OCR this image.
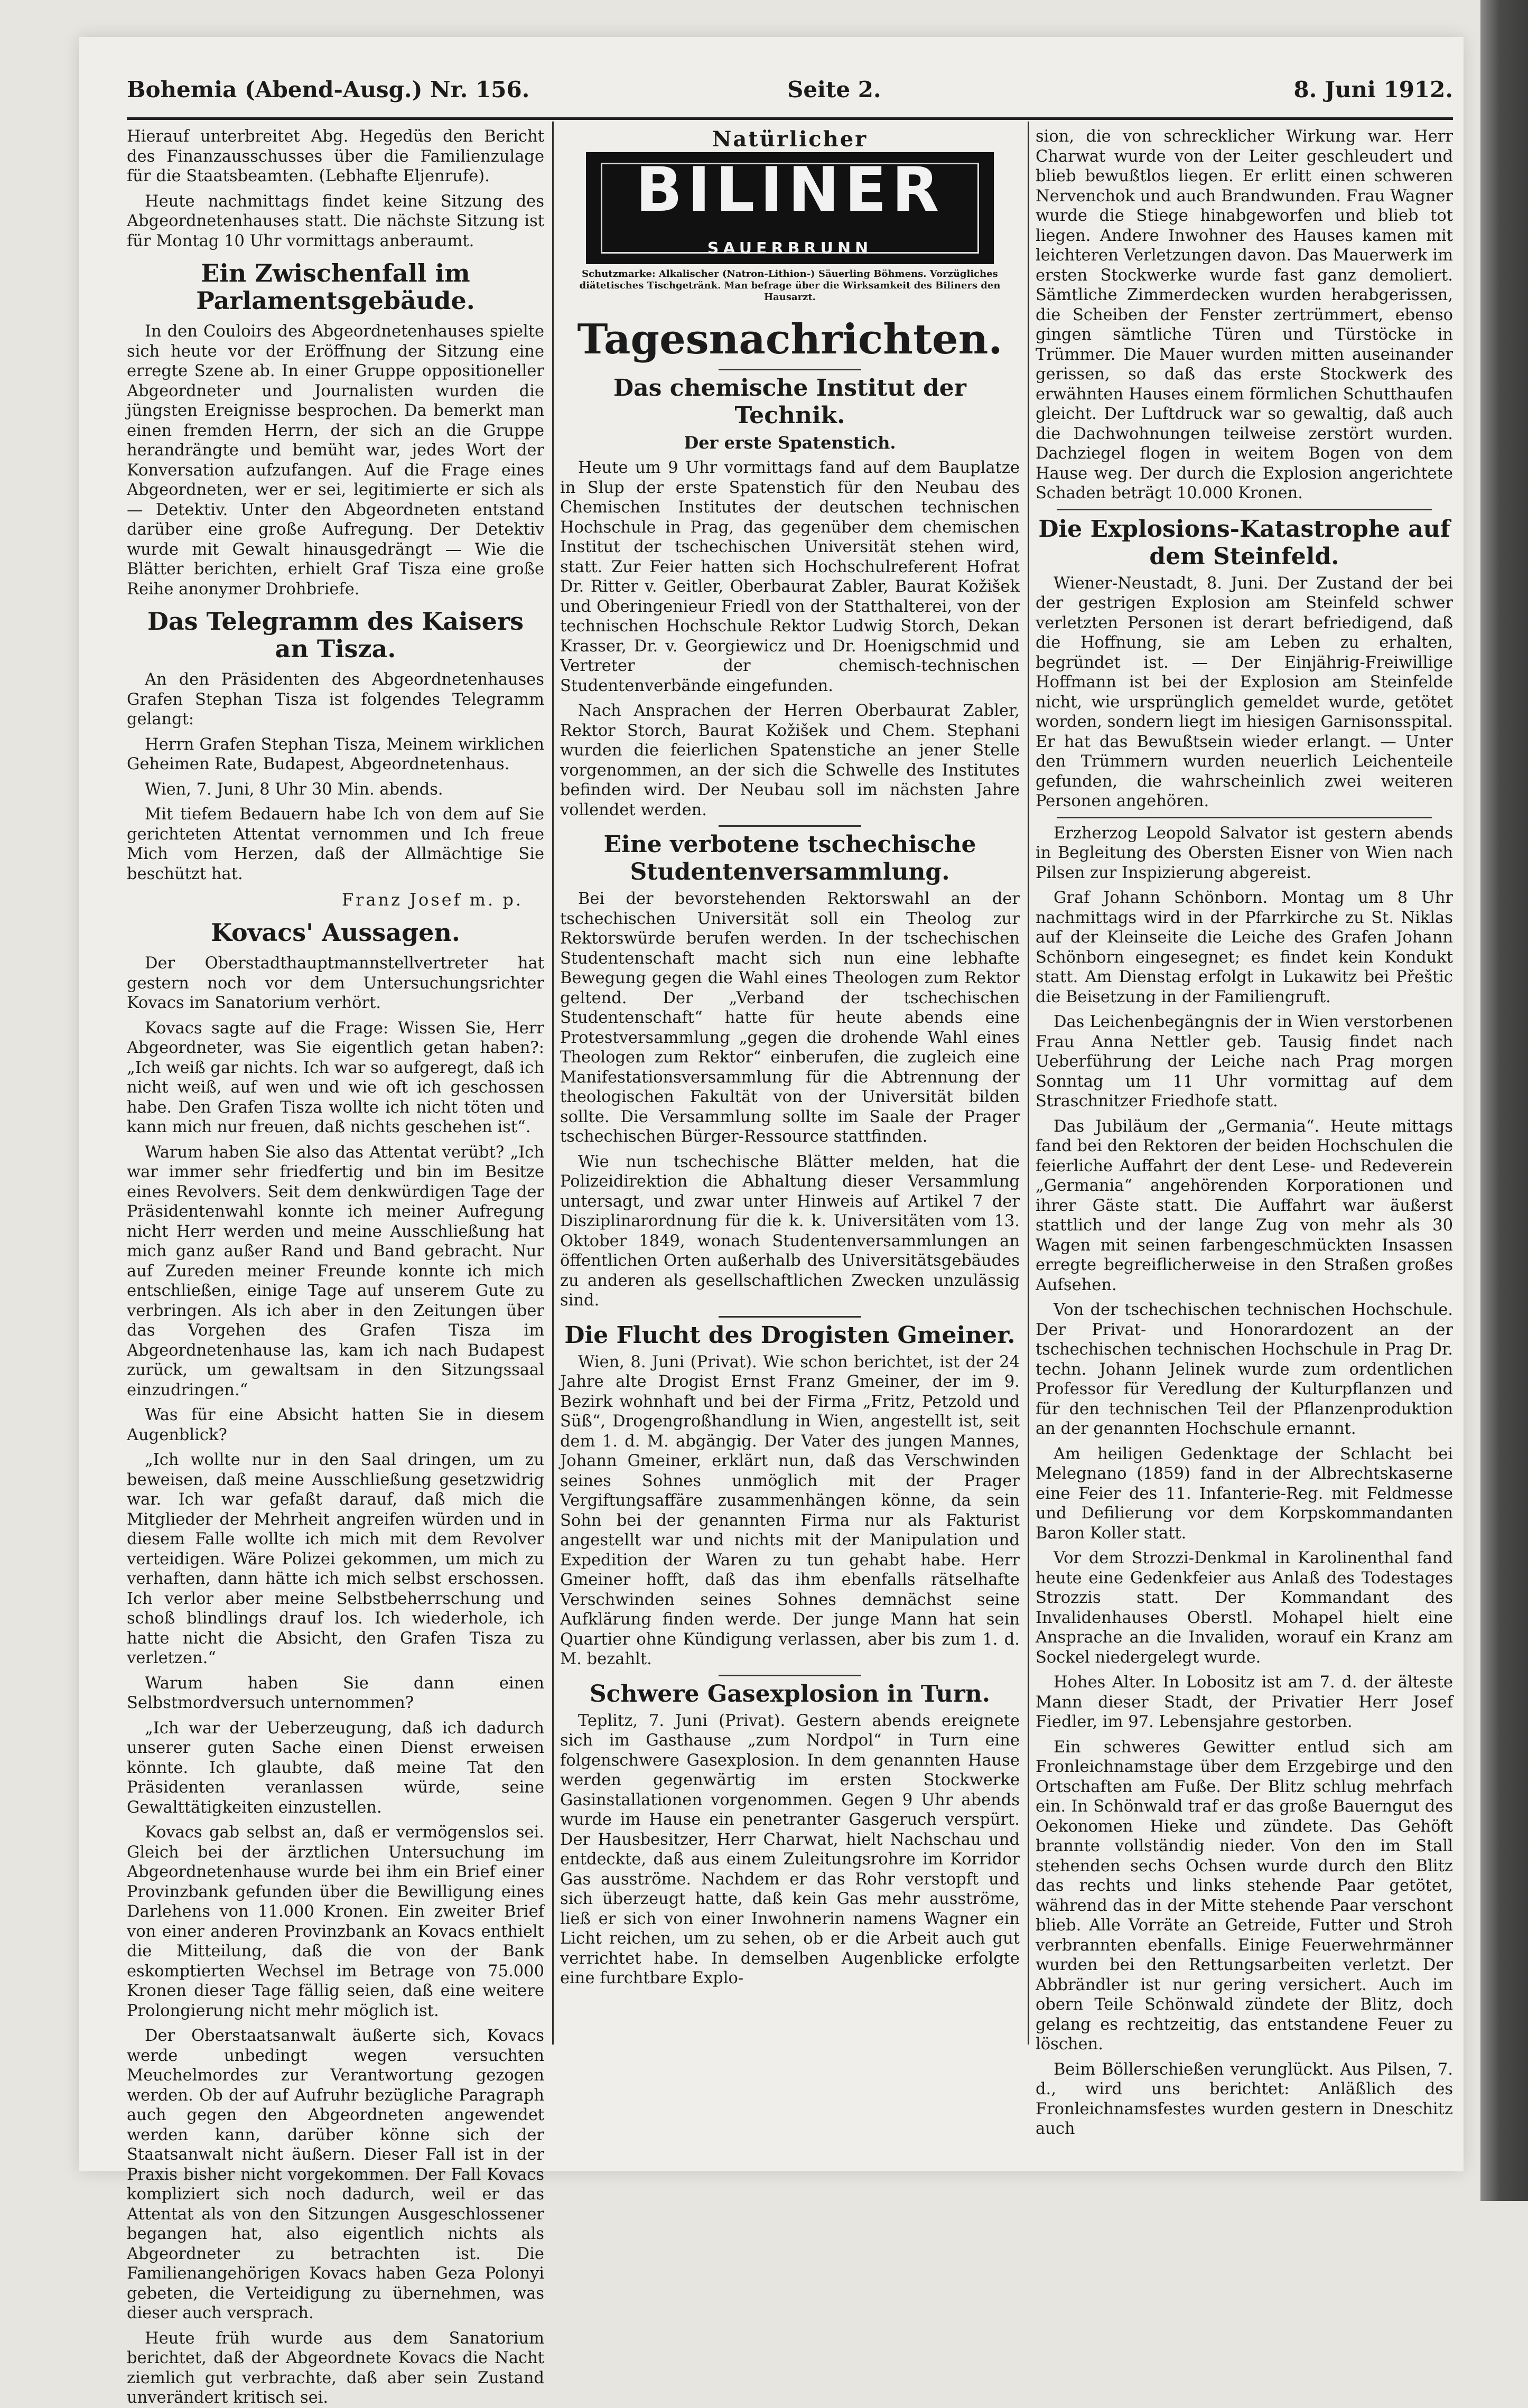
Bohemia (Abend-Ausg.) Nr. 156.	Seite 2.	8. Juni 1912.

Hierauf unterbreitet Abg. Hegedüs den Bericht des Finanzausschusses über die Familienzulage für die Staatsbeamten. (Lebhafte Eljenrufe).

Heute nachmittags findet keine Sitzung des Abgeordnetenhauses statt. Die nächste Sitzung ist für Montag 10 Uhr vormittags anberaumt.

Ein Zwischenfall im Parlamentsgebäude.

In den Couloirs des Abgeordnetenhauses spielte sich heute vor der Eröffnung der Sitzung eine erregte Szene ab. In einer Gruppe oppositioneller Abgeordneter und Journalisten wurden die jüngsten Ereignisse besprochen. Da bemerkt man einen fremden Herrn, der sich an die Gruppe herandrängte und bemüht war, jedes Wort der Konversation aufzufangen. Auf die Frage eines Abgeordneten, wer er sei, legitimierte er sich als — Detektiv. Unter den Abgeordneten entstand darüber eine große Aufregung. Der Detektiv wurde mit Gewalt hinausgedrängt — Wie die Blätter berichten, erhielt Graf Tisza eine große Reihe anonymer Drohbriefe.

Das Telegramm des Kaisers an Tisza.

An den Präsidenten des Abgeordnetenhauses Grafen Stephan Tisza ist folgendes Telegramm gelangt:

Herrn Grafen Stephan Tisza, Meinem wirklichen Geheimen Rate, Budapest, Abgeordnetenhaus.

Wien, 7. Juni, 8 Uhr 30 Min. abends.

Mit tiefem Bedauern habe Ich von dem auf Sie gerichteten Attentat vernommen und Ich freue Mich vom Herzen, daß der Allmächtige Sie beschützt hat.

Franz Josef m. p.

Kovacs' Aussagen.

Der Oberstadthauptmannstellvertreter hat gestern noch vor dem Untersuchungsrichter Kovacs im Sanatorium verhört.

Kovacs sagte auf die Frage: Wissen Sie, Herr Abgeordneter, was Sie eigentlich getan haben?: „Ich weiß gar nichts. Ich war so aufgeregt, daß ich nicht weiß, auf wen und wie oft ich geschossen habe. Den Grafen Tisza wollte ich nicht töten und kann mich nur freuen, daß nichts geschehen ist“.

Warum haben Sie also das Attentat verübt? „Ich war immer sehr friedfertig und bin im Besitze eines Revolvers. Seit dem denkwürdigen Tage der Präsidentenwahl konnte ich meiner Aufregung nicht Herr werden und meine Ausschließung hat mich ganz außer Rand und Band gebracht. Nur auf Zureden meiner Freunde konnte ich mich entschließen, einige Tage auf unserem Gute zu verbringen. Als ich aber in den Zeitungen über das Vorgehen des Grafen Tisza im Abgeordnetenhause las, kam ich nach Budapest zurück, um gewaltsam in den Sitzungssaal einzudringen.“

Was für eine Absicht hatten Sie in diesem Augenblick?

„Ich wollte nur in den Saal dringen, um zu beweisen, daß meine Ausschließung gesetzwidrig war. Ich war gefaßt darauf, daß mich die Mitglieder der Mehrheit angreifen würden und in diesem Falle wollte ich mich mit dem Revolver verteidigen. Wäre Polizei gekommen, um mich zu verhaften, dann hätte ich mich selbst erschossen. Ich verlor aber meine Selbstbeherrschung und schoß blindlings drauf los. Ich wiederhole, ich hatte nicht die Absicht, den Grafen Tisza zu verletzen.“

Warum haben Sie dann einen Selbstmordversuch unternommen?

„Ich war der Ueberzeugung, daß ich dadurch unserer guten Sache einen Dienst erweisen könnte. Ich glaubte, daß meine Tat den Präsidenten veranlassen würde, seine Gewalttätigkeiten einzustellen.

Kovacs gab selbst an, daß er vermögenslos sei. Gleich bei der ärztlichen Untersuchung im Abgeordnetenhause wurde bei ihm ein Brief einer Provinzbank gefunden über die Bewilligung eines Darlehens von 11.000 Kronen. Ein zweiter Brief von einer anderen Provinzbank an Kovacs enthielt die Mitteilung, daß die von der Bank eskomptierten Wechsel im Betrage von 75.000 Kronen dieser Tage fällig seien, daß eine weitere Prolongierung nicht mehr möglich ist.

Der Oberstaatsanwalt äußerte sich, Kovacs werde unbedingt wegen versuchten Meuchelmordes zur Verantwortung gezogen werden. Ob der auf Aufruhr bezügliche Paragraph auch gegen den Abgeordneten angewendet werden kann, darüber könne sich der Staatsanwalt nicht äußern. Dieser Fall ist in der Praxis bisher nicht vorgekommen. Der Fall Kovacs kompliziert sich noch dadurch, weil er das Attentat als von den Sitzungen Ausgeschlossener begangen hat, also eigentlich nichts als Abgeordneter zu betrachten ist. Die Familienangehörigen Kovacs haben Geza Polonyi gebeten, die Verteidigung zu übernehmen, was dieser auch versprach.

Heute früh wurde aus dem Sanatorium berichtet, daß der Abgeordnete Kovacs die Nacht ziemlich gut verbrachte, daß aber sein Zustand unverändert kritisch sei.

Natürlicher
BILINER
SAUERBRUNN
Schutzmarke: Alkalischer (Natron-Lithion-) Säuerling Böhmens. Vorzügliches diätetisches Tischgetränk. Man befrage über die Wirksamkeit des Biliners den Hausarzt.
Tagesnachrichten.
Das chemische Institut der Technik.
Der erste Spatenstich.

Heute um 9 Uhr vormittags fand auf dem Bauplatze in Slup der erste Spatenstich für den Neubau des Chemischen Institutes der deutschen technischen Hochschule in Prag, das gegenüber dem chemischen Institut der tschechischen Universität stehen wird, statt. Zur Feier hatten sich Hochschulreferent Hofrat Dr. Ritter v. Geitler, Oberbaurat Zabler, Baurat Kožišek und Oberingenieur Friedl von der Statthalterei, von der technischen Hochschule Rektor Ludwig Storch, Dekan Krasser, Dr. v. Georgiewicz und Dr. Hoenigschmid und Vertreter der chemisch-technischen Studentenverbände eingefunden.

Nach Ansprachen der Herren Oberbaurat Zabler, Rektor Storch, Baurat Kožišek und Chem. Stephani wurden die feierlichen Spatenstiche an jener Stelle vorgenommen, an der sich die Schwelle des Institutes befinden wird. Der Neubau soll im nächsten Jahre vollendet werden.

Eine verbotene tschechische Studentenversammlung.

Bei der bevorstehenden Rektorswahl an der tschechischen Universität soll ein Theolog zur Rektorswürde berufen werden. In der tschechischen Studentenschaft macht sich nun eine lebhafte Bewegung gegen die Wahl eines Theologen zum Rektor geltend. Der „Verband der tschechischen Studentenschaft“ hatte für heute abends eine Protestversammlung „gegen die drohende Wahl eines Theologen zum Rektor“ einberufen, die zugleich eine Manifestationsversammlung für die Abtrennung der theologischen Fakultät von der Universität bilden sollte. Die Versammlung sollte im Saale der Prager tschechischen Bürger-Ressource stattfinden.

Wie nun tschechische Blätter melden, hat die Polizeidirektion die Abhaltung dieser Versammlung untersagt, und zwar unter Hinweis auf Artikel 7 der Disziplinarordnung für die k. k. Universitäten vom 13. Oktober 1849, wonach Studentenversammlungen an öffentlichen Orten außerhalb des Universitätsgebäudes zu anderen als gesellschaftlichen Zwecken unzulässig sind.

Die Flucht des Drogisten Gmeiner.

Wien, 8. Juni (Privat). Wie schon berichtet, ist der 24 Jahre alte Drogist Ernst Franz Gmeiner, der im 9. Bezirk wohnhaft und bei der Firma „Fritz, Petzold und Süß“, Drogengroßhandlung in Wien, angestellt ist, seit dem 1. d. M. abgängig. Der Vater des jungen Mannes, Johann Gmeiner, erklärt nun, daß das Verschwinden seines Sohnes unmöglich mit der Prager Vergiftungsaffäre zusammenhängen könne, da sein Sohn bei der genannten Firma nur als Fakturist angestellt war und nichts mit der Manipulation und Expedition der Waren zu tun gehabt habe. Herr Gmeiner hofft, daß das ihm ebenfalls rätselhafte Verschwinden seines Sohnes demnächst seine Aufklärung finden werde. Der junge Mann hat sein Quartier ohne Kündigung verlassen, aber bis zum 1. d. M. bezahlt.

Schwere Gasexplosion in Turn.

Teplitz, 7. Juni (Privat). Gestern abends ereignete sich im Gasthause „zum Nordpol“ in Turn eine folgenschwere Gasexplosion. In dem genannten Hause werden gegenwärtig im ersten Stockwerke Gasinstallationen vorgenommen. Gegen 9 Uhr abends wurde im Hause ein penetranter Gasgeruch verspürt. Der Hausbesitzer, Herr Charwat, hielt Nachschau und entdeckte, daß aus einem Zuleitungsrohre im Korridor Gas ausströme. Nachdem er das Rohr verstopft und sich überzeugt hatte, daß kein Gas mehr ausströme, ließ er sich von einer Inwohnerin namens Wagner ein Licht reichen, um zu sehen, ob er die Arbeit auch gut verrichtet habe. In demselben Augenblicke erfolgte eine furchtbare Explo-

sion, die von schrecklicher Wirkung war. Herr Charwat wurde von der Leiter geschleudert und blieb bewußtlos liegen. Er erlitt einen schweren Nervenchok und auch Brandwunden. Frau Wagner wurde die Stiege hinabgeworfen und blieb tot liegen. Andere Inwohner des Hauses kamen mit leichteren Verletzungen davon. Das Mauerwerk im ersten Stockwerke wurde fast ganz demoliert. Sämtliche Zimmerdecken wurden herabgerissen, die Scheiben der Fenster zertrümmert, ebenso gingen sämtliche Türen und Türstöcke in Trümmer. Die Mauer wurden mitten auseinander gerissen, so daß das erste Stockwerk des erwähnten Hauses einem förmlichen Schutthaufen gleicht. Der Luftdruck war so gewaltig, daß auch die Dachwohnungen teilweise zerstört wurden. Dachziegel flogen in weitem Bogen von dem Hause weg. Der durch die Explosion angerichtete Schaden beträgt 10.000 Kronen.

Die Explosions-Katastrophe auf dem Steinfeld.

Wiener-Neustadt, 8. Juni. Der Zustand der bei der gestrigen Explosion am Steinfeld schwer verletzten Personen ist derart befriedigend, daß die Hoffnung, sie am Leben zu erhalten, begründet ist. — Der Einjährig-Freiwillige Hoffmann ist bei der Explosion am Steinfelde nicht, wie ursprünglich gemeldet wurde, getötet worden, sondern liegt im hiesigen Garnisonsspital. Er hat das Bewußtsein wieder erlangt. — Unter den Trümmern wurden neuerlich Leichenteile gefunden, die wahrscheinlich zwei weiteren Personen angehören.

Erzherzog Leopold Salvator ist gestern abends in Begleitung des Obersten Eisner von Wien nach Pilsen zur Inspizierung abgereist.

Graf Johann Schönborn. Montag um 8 Uhr nachmittags wird in der Pfarrkirche zu St. Niklas auf der Kleinseite die Leiche des Grafen Johann Schönborn eingesegnet; es findet kein Kondukt statt. Am Dienstag erfolgt in Lukawitz bei Přeštic die Beisetzung in der Familiengruft.

Das Leichenbegängnis der in Wien verstorbenen Frau Anna Nettler geb. Tausig findet nach Ueberführung der Leiche nach Prag morgen Sonntag um 11 Uhr vormittag auf dem Straschnitzer Friedhofe statt.

Das Jubiläum der „Germania“. Heute mittags fand bei den Rektoren der beiden Hochschulen die feierliche Auffahrt der dent Lese- und Redeverein „Germania“ angehörenden Korporationen und ihrer Gäste statt. Die Auffahrt war äußerst stattlich und der lange Zug von mehr als 30 Wagen mit seinen farbengeschmückten Insassen erregte begreiflicherweise in den Straßen großes Aufsehen.

Von der tschechischen technischen Hochschule. Der Privat- und Honorardozent an der tschechischen technischen Hochschule in Prag Dr. techn. Johann Jelinek wurde zum ordentlichen Professor für Veredlung der Kulturpflanzen und für den technischen Teil der Pflanzenproduktion an der genannten Hochschule ernannt.

Am heiligen Gedenktage der Schlacht bei Melegnano (1859) fand in der Albrechtskaserne eine Feier des 11. Infanterie-Reg. mit Feldmesse und Defilierung vor dem Korpskommandanten Baron Koller statt.

Vor dem Strozzi-Denkmal in Karolinenthal fand heute eine Gedenkfeier aus Anlaß des Todestages Strozzis statt. Der Kommandant des Invalidenhauses Oberstl. Mohapel hielt eine Ansprache an die Invaliden, worauf ein Kranz am Sockel niedergelegt wurde.

Hohes Alter. In Lobositz ist am 7. d. der älteste Mann dieser Stadt, der Privatier Herr Josef Fiedler, im 97. Lebensjahre gestorben.

Ein schweres Gewitter entlud sich am Fronleichnamstage über dem Erzgebirge und den Ortschaften am Fuße. Der Blitz schlug mehrfach ein. In Schönwald traf er das große Bauerngut des Oekonomen Hieke und zündete. Das Gehöft brannte vollständig nieder. Von den im Stall stehenden sechs Ochsen wurde durch den Blitz das rechts und links stehende Paar getötet, während das in der Mitte stehende Paar verschont blieb. Alle Vorräte an Getreide, Futter und Stroh verbrannten ebenfalls. Einige Feuerwehrmänner wurden bei den Rettungsarbeiten verletzt. Der Abbrändler ist nur gering versichert. Auch im obern Teile Schönwald zündete der Blitz, doch gelang es rechtzeitig, das entstandene Feuer zu löschen.

Beim Böllerschießen verunglückt. Aus Pilsen, 7. d., wird uns berichtet: Anläßlich des Fronleichnamsfestes wurden gestern in Dneschitz auch
